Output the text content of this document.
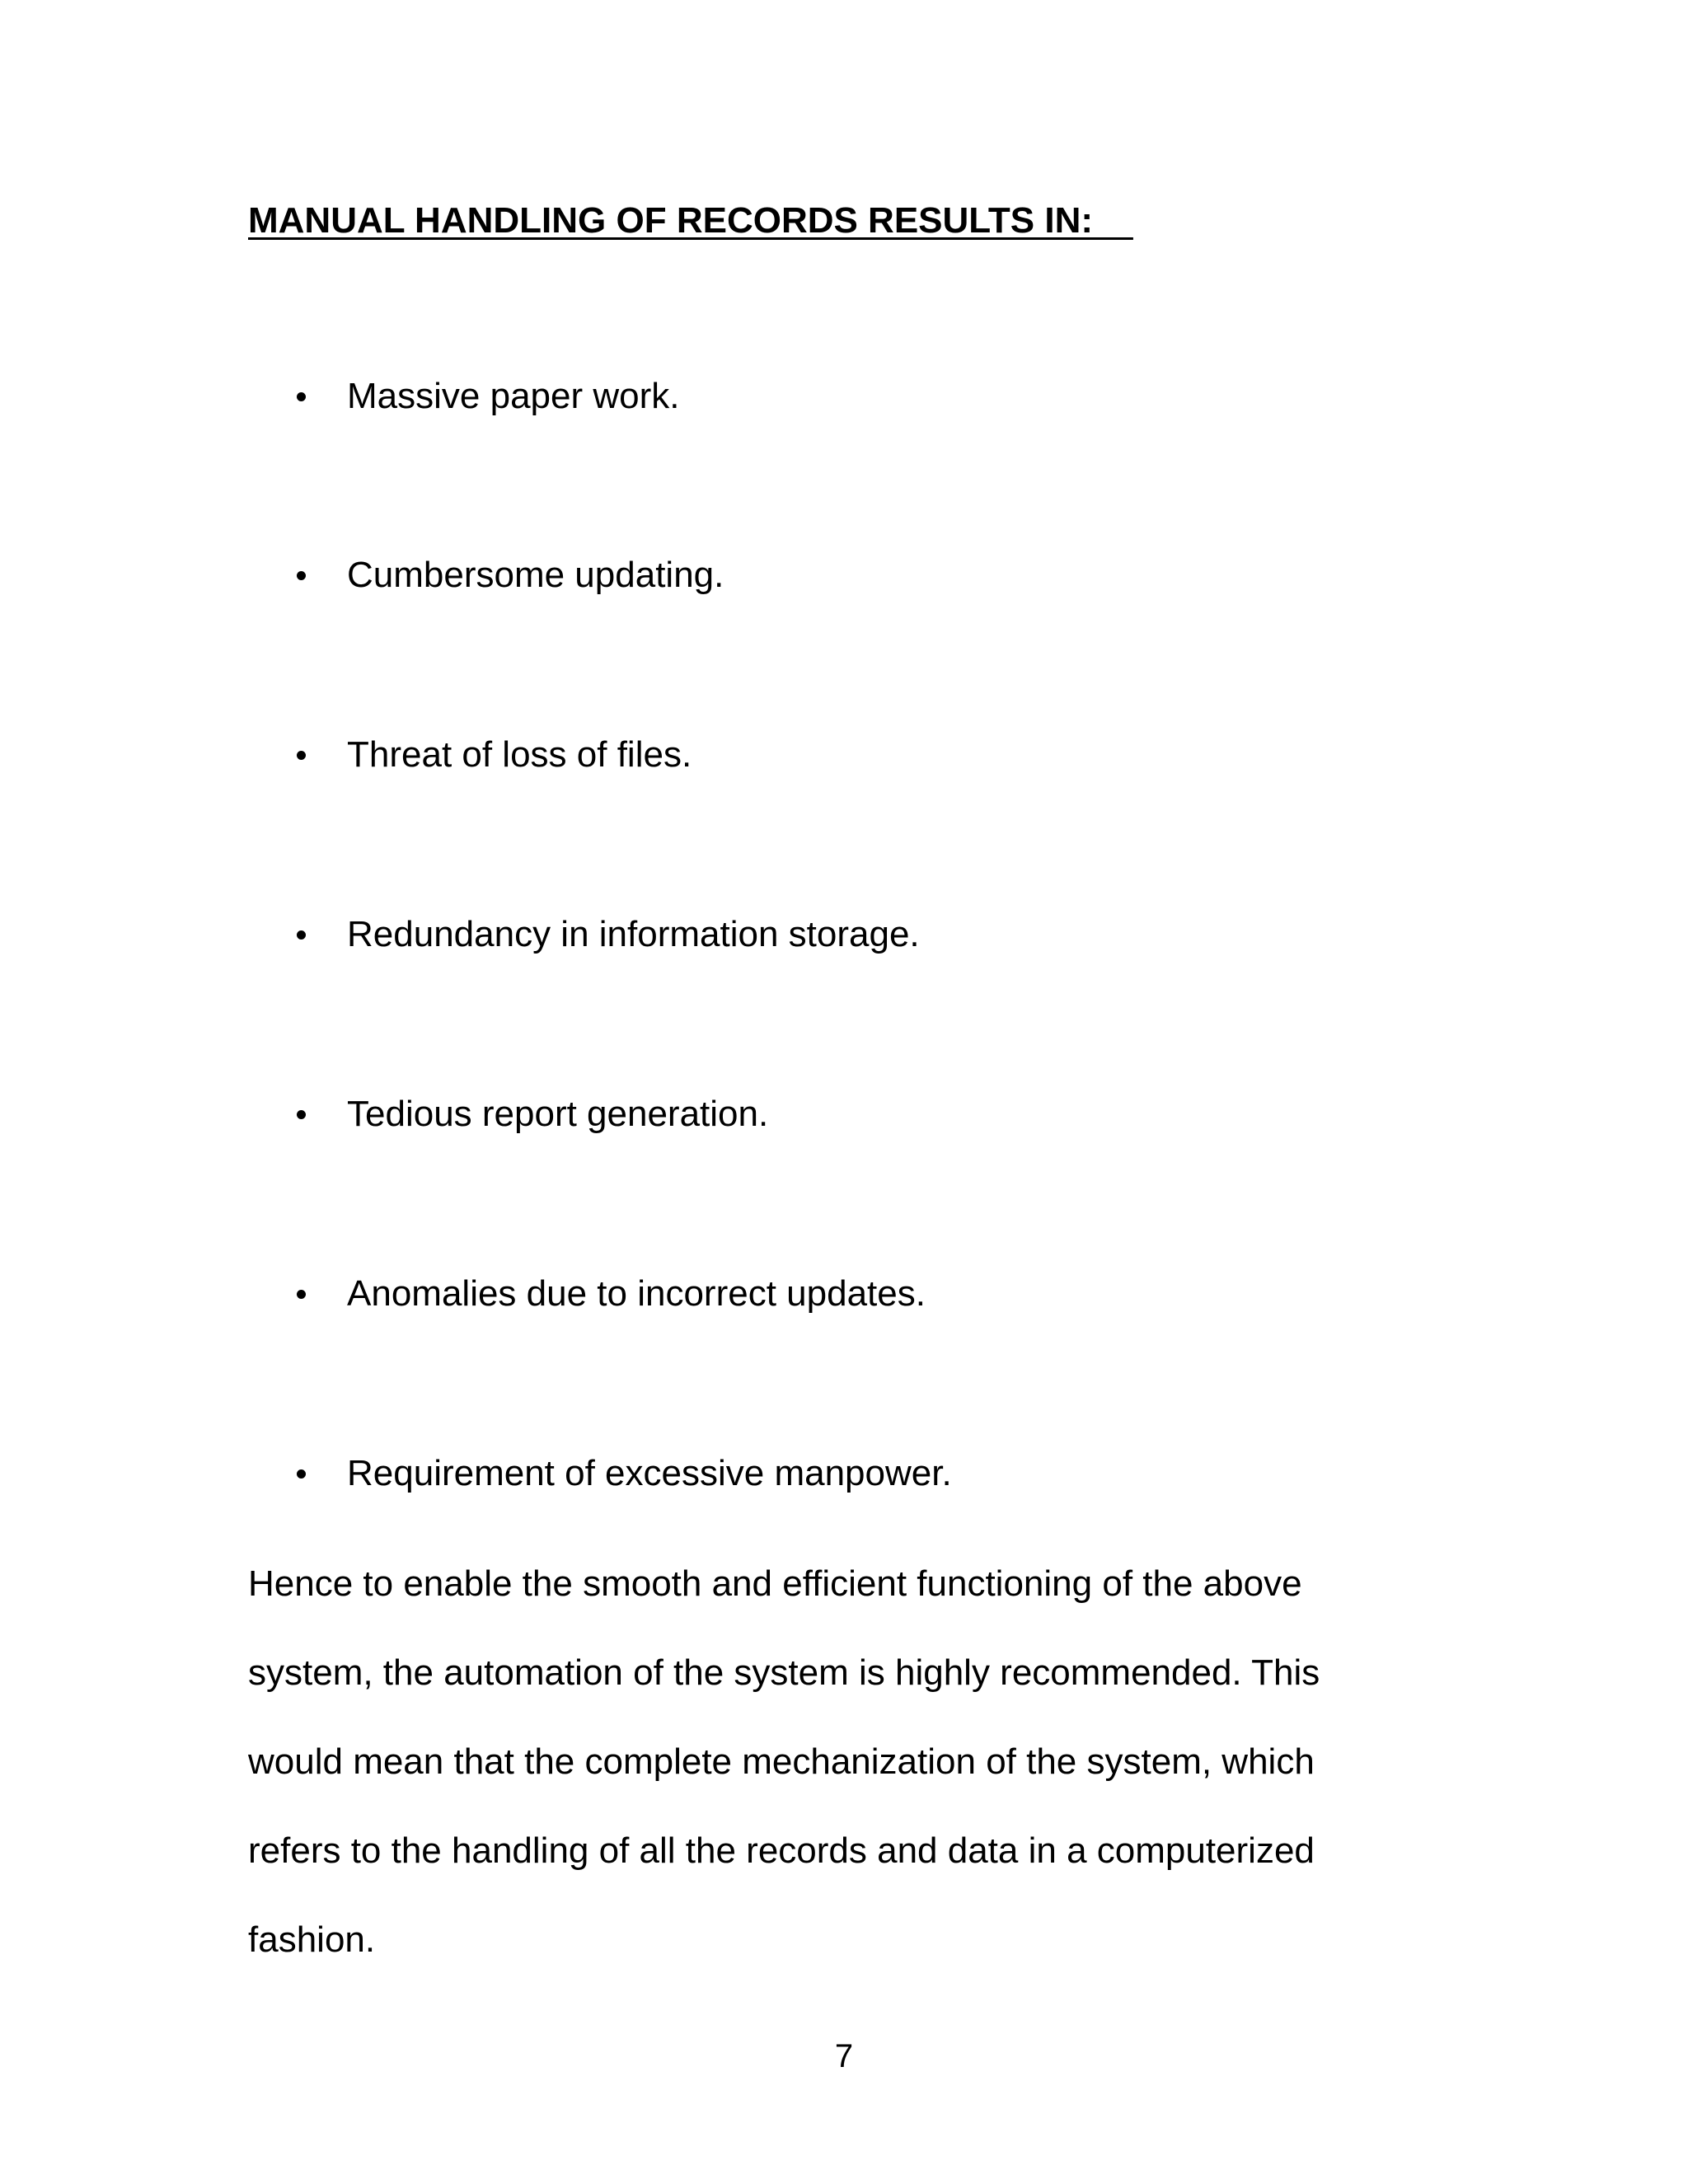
MANUAL HANDLING OF RECORDS RESULTS IN:
Massive paper work.
Cumbersome updating.
Threat of loss of files.
Redundancy in information storage.
Tedious report generation.
Anomalies due to incorrect updates.
Requirement of excessive manpower.

Hence to enable the smooth and efficient functioning of the above
system, the automation of the system is highly recommended. This
would mean that the complete mechanization of the system, which
refers to the handling of all the records and data in a computerized
fashion.

7
